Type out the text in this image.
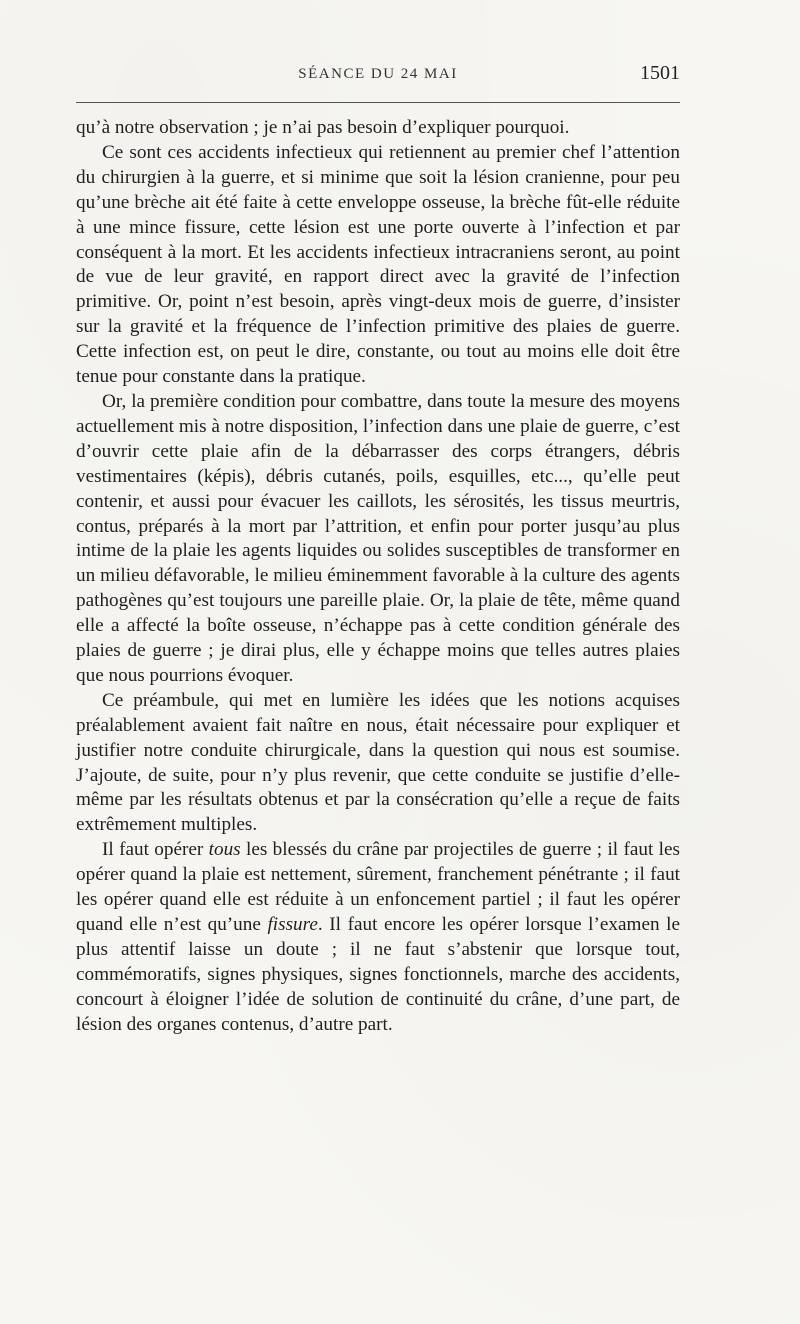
SÉANCE DU 24 MAI	1501

qu’à notre observation ; je n’ai pas besoin d’expliquer pourquoi.

Ce sont ces accidents infectieux qui retiennent au premier chef l’attention du chirurgien à la guerre, et si minime que soit la lésion cranienne, pour peu qu’une brèche ait été faite à cette enveloppe osseuse, la brèche fût-elle réduite à une mince fissure, cette lésion est une porte ouverte à l’infection et par conséquent à la mort. Et les accidents infectieux intracraniens seront, au point de vue de leur gravité, en rapport direct avec la gravité de l’infection primitive. Or, point n’est besoin, après vingt-deux mois de guerre, d’insister sur la gravité et la fréquence de l’infection primitive des plaies de guerre. Cette infection est, on peut le dire, constante, ou tout au moins elle doit être tenue pour constante dans la pratique.

Or, la première condition pour combattre, dans toute la mesure des moyens actuellement mis à notre disposition, l’infection dans une plaie de guerre, c’est d’ouvrir cette plaie afin de la débarrasser des corps étrangers, débris vestimentaires (képis), débris cutanés, poils, esquilles, etc..., qu’elle peut contenir, et aussi pour évacuer les caillots, les sérosités, les tissus meurtris, contus, préparés à la mort par l’attrition, et enfin pour porter jusqu’au plus intime de la plaie les agents liquides ou solides susceptibles de transformer en un milieu défavorable, le milieu éminemment favorable à la culture des agents pathogènes qu’est toujours une pareille plaie. Or, la plaie de tête, même quand elle a affecté la boîte osseuse, n’échappe pas à cette condition générale des plaies de guerre ; je dirai plus, elle y échappe moins que telles autres plaies que nous pourrions évoquer.

Ce préambule, qui met en lumière les idées que les notions acquises préalablement avaient fait naître en nous, était nécessaire pour expliquer et justifier notre conduite chirurgicale, dans la question qui nous est soumise. J’ajoute, de suite, pour n’y plus revenir, que cette conduite se justifie d’elle-même par les résultats obtenus et par la consécration qu’elle a reçue de faits extrêmement multiples.

Il faut opérer tous les blessés du crâne par projectiles de guerre ; il faut les opérer quand la plaie est nettement, sûrement, franchement pénétrante ; il faut les opérer quand elle est réduite à un enfoncement partiel ; il faut les opérer quand elle n’est qu’une fissure. Il faut encore les opérer lorsque l’examen le plus attentif laisse un doute ; il ne faut s’abstenir que lorsque tout, commémoratifs, signes physiques, signes fonctionnels, marche des accidents, concourt à éloigner l’idée de solution de continuité du crâne, d’une part, de lésion des organes contenus, d’autre part.
